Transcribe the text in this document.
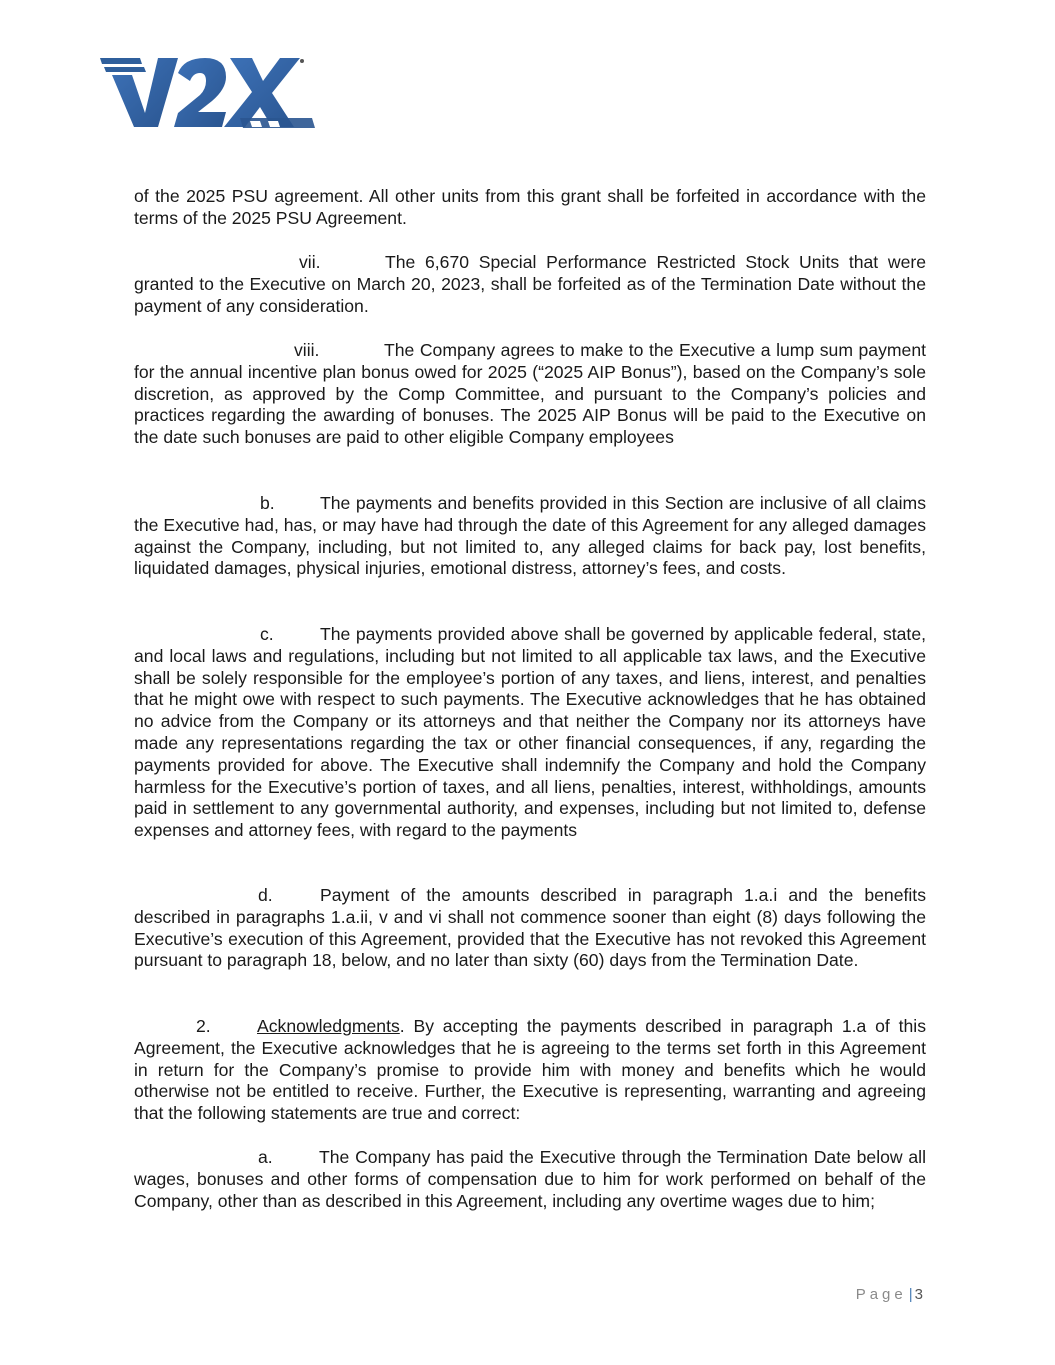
of the 2025 PSU agreement. All other units from this grant shall be forfeited in accordance with the terms of the 2025 PSU Agreement.

vii.	The 6,670 Special Performance Restricted Stock Units that were granted to the Executive on March 20, 2023, shall be forfeited as of the Termination Date without the payment of any consideration.

viii.	The Company agrees to make to the Executive a lump sum payment for the annual incentive plan bonus owed for 2025 (“2025 AIP Bonus”), based on the Company’s sole discretion, as approved by the Comp Committee, and pursuant to the Company’s policies and practices regarding the awarding of bonuses. The 2025 AIP Bonus will be paid to the Executive on the date such bonuses are paid to other eligible Company employees

b.	The payments and benefits provided in this Section are inclusive of all claims the Executive had, has, or may have had through the date of this Agreement for any alleged damages against the Company, including, but not limited to, any alleged claims for back pay, lost benefits, liquidated damages, physical injuries, emotional distress, attorney’s fees, and costs.

c.	The payments provided above shall be governed by applicable federal, state, and local laws and regulations, including but not limited to all applicable tax laws, and the Executive shall be solely responsible for the employee’s portion of any taxes, and liens, interest, and penalties that he might owe with respect to such payments. The Executive acknowledges that he has obtained no advice from the Company or its attorneys and that neither the Company nor its attorneys have made any representations regarding the tax or other financial consequences, if any, regarding the payments provided for above. The Executive shall indemnify the Company and hold the Company harmless for the Executive’s portion of taxes, and all liens, penalties, interest, withholdings, amounts paid in settlement to any governmental authority, and expenses, including but not limited to, defense expenses and attorney fees, with regard to the payments

d.	Payment of the amounts described in paragraph 1.a.i and the benefits described in paragraphs 1.a.ii, v and vi shall not commence sooner than eight (8) days following the Executive’s execution of this Agreement, provided that the Executive has not revoked this Agreement pursuant to paragraph 18, below, and no later than sixty (60) days from the Termination Date.

2.	Acknowledgments. By accepting the payments described in paragraph 1.a of this Agreement, the Executive acknowledges that he is agreeing to the terms set forth in this Agreement in return for the Company’s promise to provide him with money and benefits which he would otherwise not be entitled to receive. Further, the Executive is representing, warranting and agreeing that the following statements are true and correct:

a.	The Company has paid the Executive through the Termination Date below all wages, bonuses and other forms of compensation due to him for work performed on behalf of the Company, other than as described in this Agreement, including any overtime wages due to him;

Page | 3
